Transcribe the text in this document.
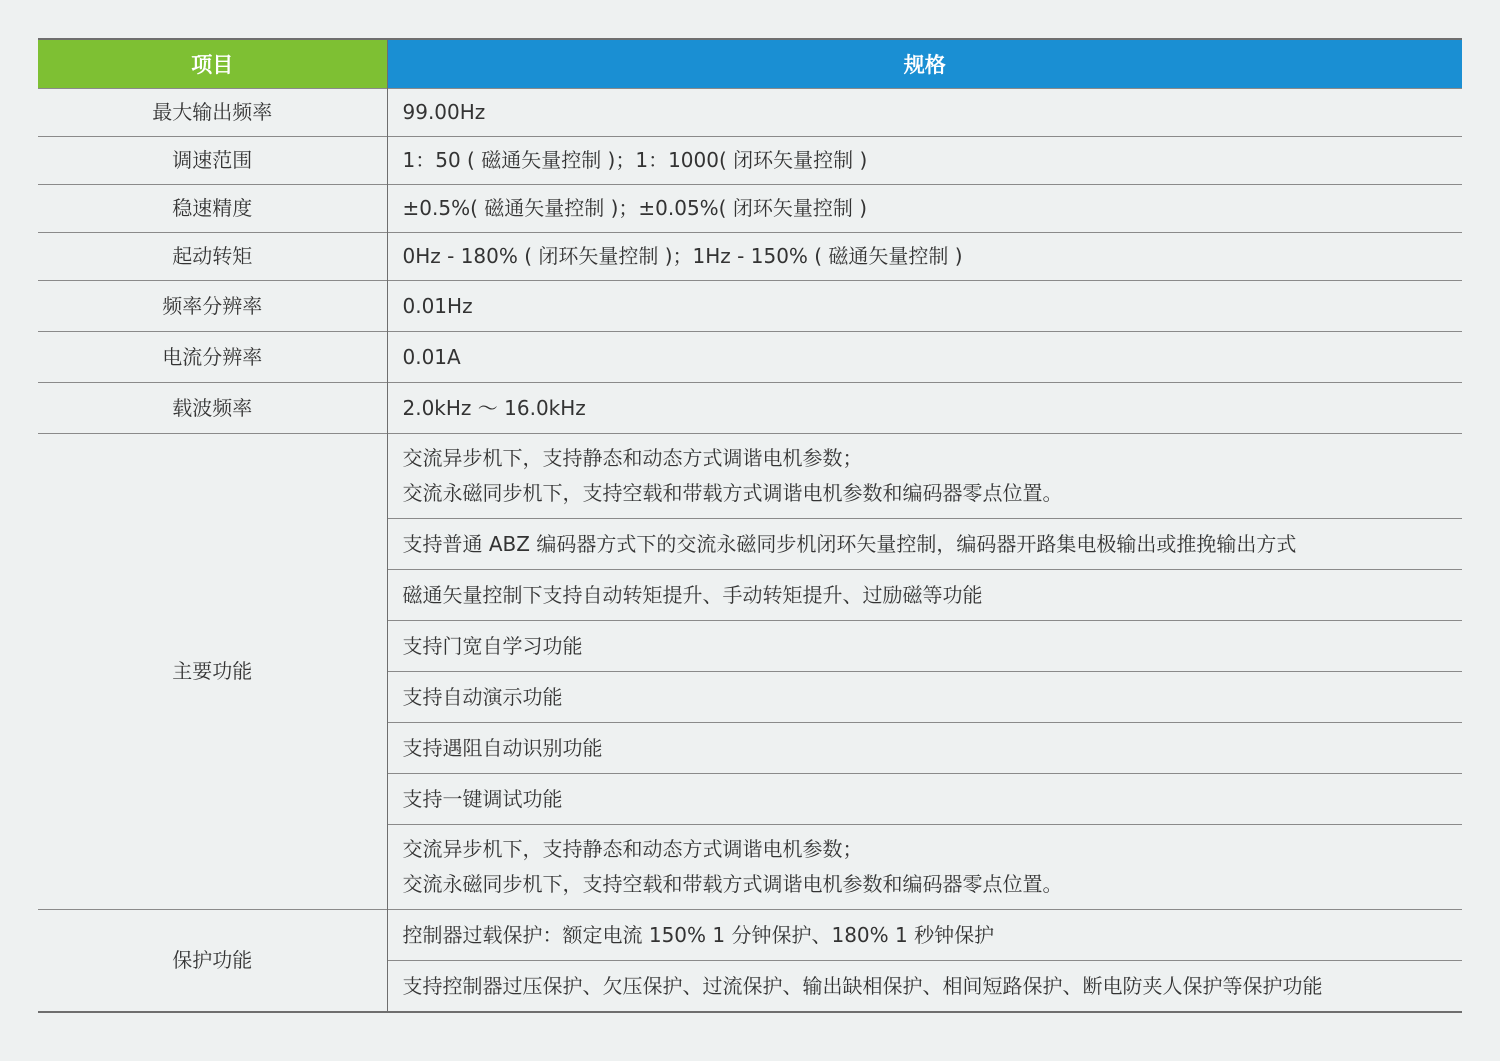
项目	规格
最大输出频率	99.00Hz
调速范围	1：50 ( 磁通矢量控制 )；1：1000( 闭环矢量控制 )
稳速精度	±0.5%( 磁通矢量控制 )；±0.05%( 闭环矢量控制 )
起动转矩	0Hz - 180% ( 闭环矢量控制 )；1Hz - 150% ( 磁通矢量控制 )
频率分辨率	0.01Hz
电流分辨率	0.01A
载波频率	2.0kHz ～ 16.0kHz
主要功能	交流异步机下，支持静态和动态方式调谐电机参数；
交流永磁同步机下，支持空载和带载方式调谐电机参数和编码器零点位置。

	支持普通 ABZ 编码器方式下的交流永磁同步机闭环矢量控制，编码器开路集电极输出或推挽输出方式
	磁通矢量控制下支持自动转矩提升、手动转矩提升、过励磁等功能
	支持门宽自学习功能
	支持自动演示功能
	支持遇阻自动识别功能
	支持一键调试功能

	交流异步机下，支持静态和动态方式调谐电机参数；
交流永磁同步机下，支持空载和带载方式调谐电机参数和编码器零点位置。

保护功能	控制器过载保护：额定电流 150% 1 分钟保护、180% 1 秒钟保护
	支持控制器过压保护、欠压保护、过流保护、输出缺相保护、相间短路保护、断电防夹人保护等保护功能
